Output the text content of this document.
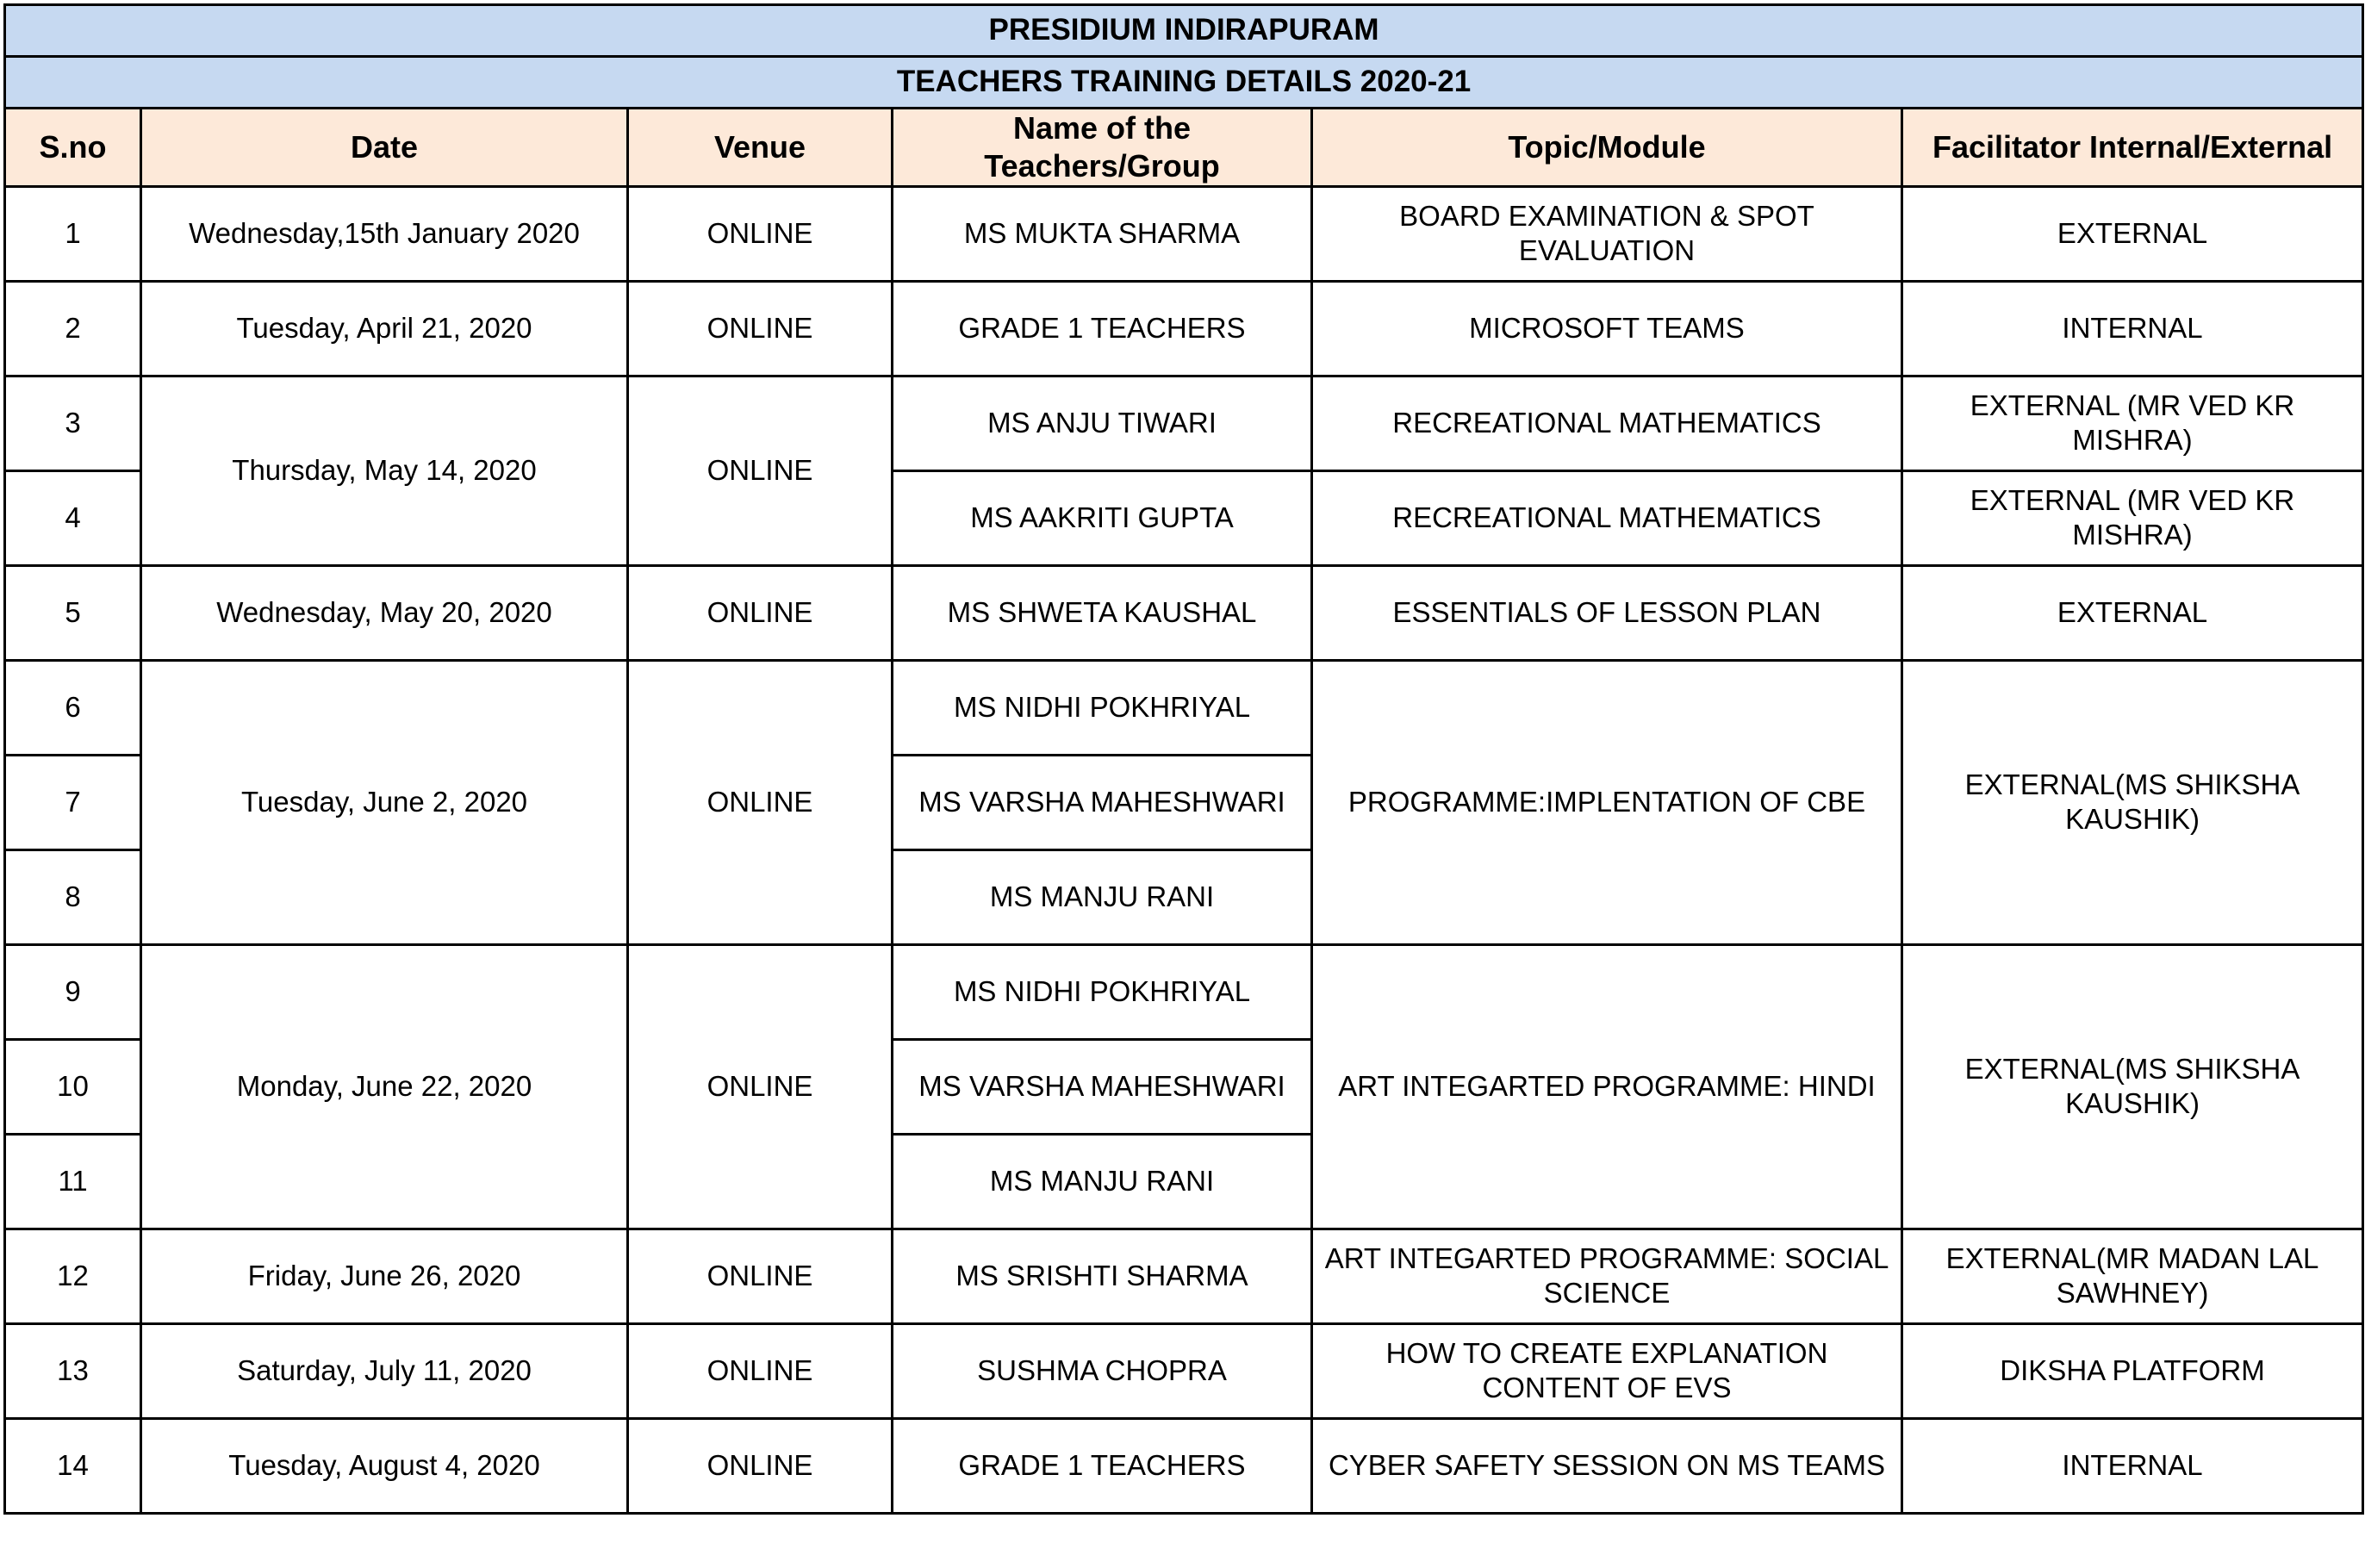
PRESIDIUM INDIRAPURAM					
TEACHERS TRAINING DETAILS 2020-21					
S.no	Date	Venue	Name of the Teachers/Group	Topic/Module	Facilitator Internal/External
1	Wednesday,15th January 2020	ONLINE	MS MUKTA SHARMA	BOARD EXAMINATION & SPOT EVALUATION	EXTERNAL
2	Tuesday, April 21, 2020	ONLINE	GRADE 1 TEACHERS	MICROSOFT TEAMS	INTERNAL
3	Thursday, May 14, 2020	ONLINE	MS ANJU TIWARI	RECREATIONAL MATHEMATICS	EXTERNAL (MR VED KR MISHRA)
4			MS AAKRITI GUPTA	RECREATIONAL MATHEMATICS	EXTERNAL (MR VED KR MISHRA)
5	Wednesday, May 20, 2020	ONLINE	MS SHWETA KAUSHAL	ESSENTIALS OF LESSON PLAN	EXTERNAL
6	Tuesday, June 2, 2020	ONLINE	MS NIDHI POKHRIYAL	PROGRAMME:IMPLENTATION OF CBE	EXTERNAL(MS SHIKSHA KAUSHIK)
7			MS VARSHA MAHESHWARI		
8			MS MANJU RANI		
9	Monday, June 22, 2020	ONLINE	MS NIDHI POKHRIYAL	ART INTEGARTED PROGRAMME: HINDI	EXTERNAL(MS SHIKSHA KAUSHIK)
10			MS VARSHA MAHESHWARI		
11			MS MANJU RANI		
12	Friday, June 26, 2020	ONLINE	MS SRISHTI SHARMA	ART INTEGARTED PROGRAMME: SOCIAL SCIENCE	EXTERNAL(MR MADAN LAL SAWHNEY)
13	Saturday, July 11, 2020	ONLINE	SUSHMA CHOPRA	HOW TO CREATE EXPLANATION CONTENT OF EVS	DIKSHA PLATFORM
14	Tuesday, August 4, 2020	ONLINE	GRADE 1 TEACHERS	CYBER SAFETY SESSION ON MS TEAMS	INTERNAL
